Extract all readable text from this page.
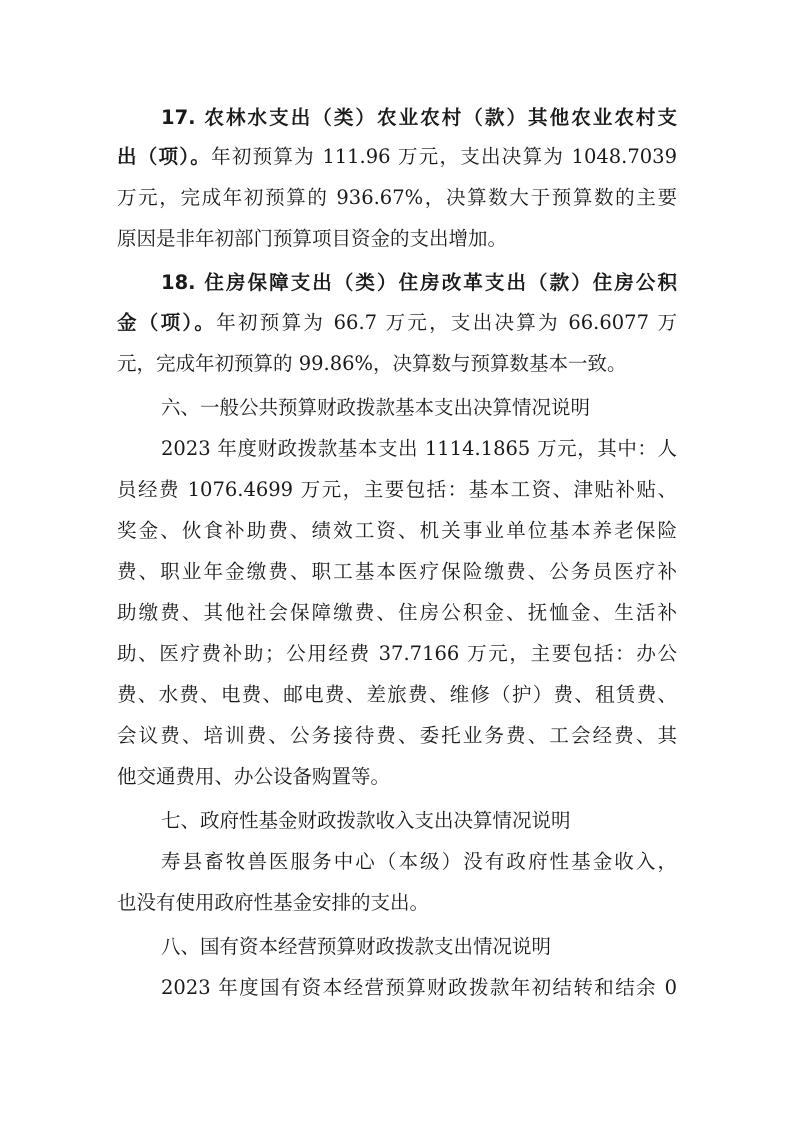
17. 农林水支出（类）农业农村（款）其他农业农村支
出（项）。年初预算为 111.96 万元，支出决算为 1048.7039
万元，完成年初预算的 936.67%，决算数大于预算数的主要
原因是非年初部门预算项目资金的支出增加。
18. 住房保障支出（类）住房改革支出（款）住房公积
金（项）。年初预算为 66.7 万元，支出决算为 66.6077 万
元，完成年初预算的 99.86%，决算数与预算数基本一致。
六、一般公共预算财政拨款基本支出决算情况说明
2023 年度财政拨款基本支出 1114.1865 万元，其中：人
员经费 1076.4699 万元，主要包括：基本工资、津贴补贴、
奖金、伙食补助费、绩效工资、机关事业单位基本养老保险
费、职业年金缴费、职工基本医疗保险缴费、公务员医疗补
助缴费、其他社会保障缴费、住房公积金、抚恤金、生活补
助、医疗费补助；公用经费 37.7166 万元，主要包括：办公
费、水费、电费、邮电费、差旅费、维修（护）费、租赁费、
会议费、培训费、公务接待费、委托业务费、工会经费、其
他交通费用、办公设备购置等。
七、政府性基金财政拨款收入支出决算情况说明
寿县畜牧兽医服务中心（本级）没有政府性基金收入，
也没有使用政府性基金安排的支出。
八、国有资本经营预算财政拨款支出情况说明
2023 年度国有资本经营预算财政拨款年初结转和结余 0
